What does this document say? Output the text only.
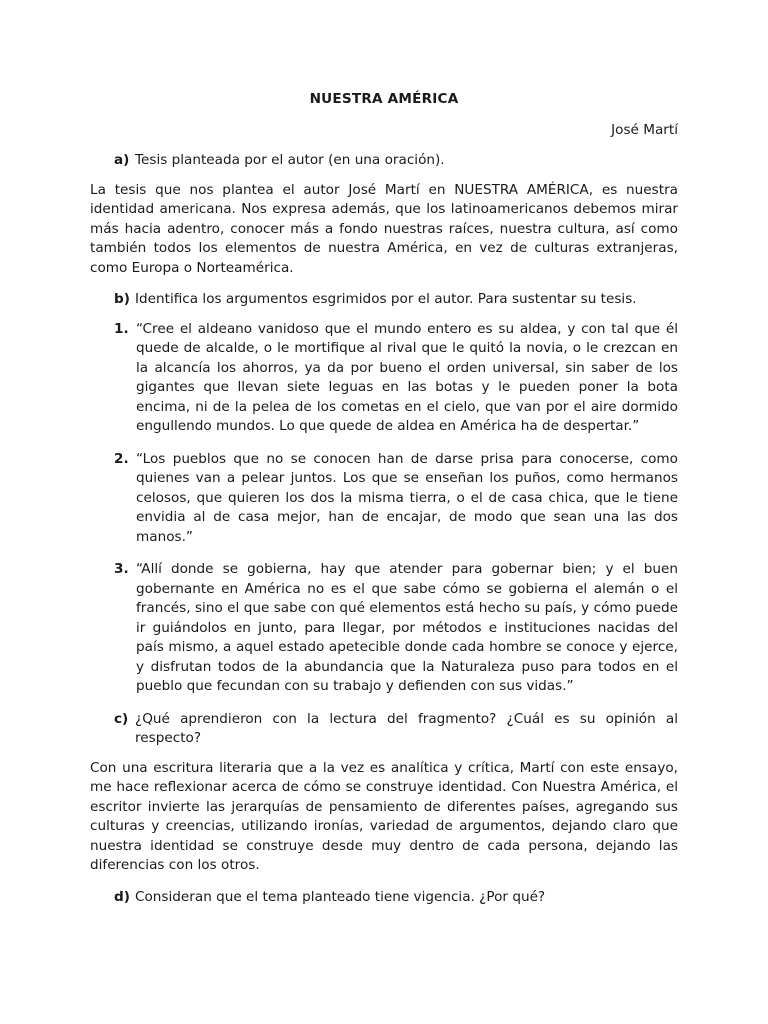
NUESTRA AMÉRICA
José Martí
a) Tesis planteada por el autor (en una oración).
La tesis que nos plantea el autor José Martí en NUESTRA AMÉRICA, es nuestra identidad americana. Nos expresa además, que los latinoamericanos debemos mirar más hacia adentro, conocer más a fondo nuestras raíces, nuestra cultura, así como también todos los elementos de nuestra América, en vez de culturas extranjeras, como Europa o Norteamérica.
b) Identifica los argumentos esgrimidos por el autor. Para sustentar su tesis.
1. “Cree el aldeano vanidoso que el mundo entero es su aldea, y con tal que él quede de alcalde, o le mortifique al rival que le quitó la novia, o le crezcan en la alcancía los ahorros, ya da por bueno el orden universal, sin saber de los gigantes que llevan siete leguas en las botas y le pueden poner la bota encima, ni de la pelea de los cometas en el cielo, que van por el aire dormido engullendo mundos. Lo que quede de aldea en América ha de despertar.”
2. “Los pueblos que no se conocen han de darse prisa para conocerse, como quienes van a pelear juntos. Los que se enseñan los puños, como hermanos celosos, que quieren los dos la misma tierra, o el de casa chica, que le tiene envidia al de casa mejor, han de encajar, de modo que sean una las dos manos.”
3. “Allí donde se gobierna, hay que atender para gobernar bien; y el buen gobernante en América no es el que sabe cómo se gobierna el alemán o el francés, sino el que sabe con qué elementos está hecho su país, y cómo puede ir guiándolos en junto, para llegar, por métodos e instituciones nacidas del país mismo, a aquel estado apetecible donde cada hombre se conoce y ejerce, y disfrutan todos de la abundancia que la Naturaleza puso para todos en el pueblo que fecundan con su trabajo y defienden con sus vidas.”
c) ¿Qué aprendieron con la lectura del fragmento? ¿Cuál es su opinión al respecto?
Con una escritura literaria que a la vez es analítica y crítica, Martí con este ensayo, me hace reflexionar acerca de cómo se construye identidad. Con Nuestra América, el escritor invierte las jerarquías de pensamiento de diferentes países, agregando sus culturas y creencias, utilizando ironías, variedad de argumentos, dejando claro que nuestra identidad se construye desde muy dentro de cada persona, dejando las diferencias con los otros.
d) Consideran que el tema planteado tiene vigencia. ¿Por qué?
